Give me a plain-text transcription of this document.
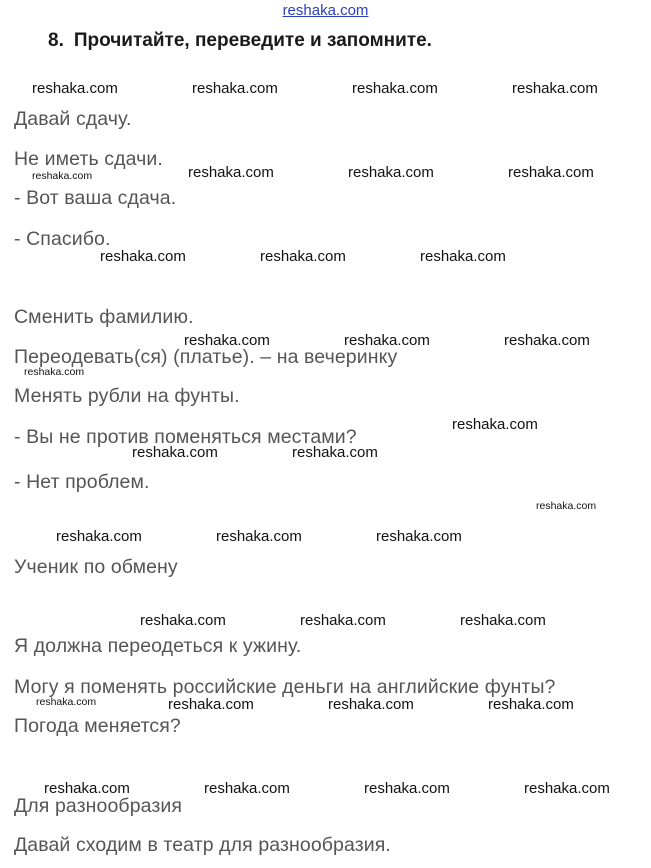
reshaka.com
8. Прочитайте, переведите и запомните.
reshaka.com	reshaka.com	reshaka.com	reshaka.com
Давай сдачу.
Не иметь сдачи.
reshaka.com	reshaka.com	reshaka.com	reshaka.com
- Вот ваша сдача.
- Спасибо.
reshaka.com	reshaka.com	reshaka.com
Сменить фамилию.
reshaka.com	reshaka.com	reshaka.com
Переодевать(ся) (платье). – на вечеринку
reshaka.com
Менять рубли на фунты.
reshaka.com
- Вы не против поменяться местами?
reshaka.com	reshaka.com
- Нет проблем.
reshaka.com
reshaka.com	reshaka.com	reshaka.com
Ученик по обмену
reshaka.com	reshaka.com	reshaka.com
Я должна переодеться к ужину.
Могу я поменять российские деньги на английские фунты?
reshaka.com	reshaka.com	reshaka.com	reshaka.com
Погода меняется?
reshaka.com	reshaka.com	reshaka.com	reshaka.com
Для разнообразия
Давай сходим в театр для разнообразия.
